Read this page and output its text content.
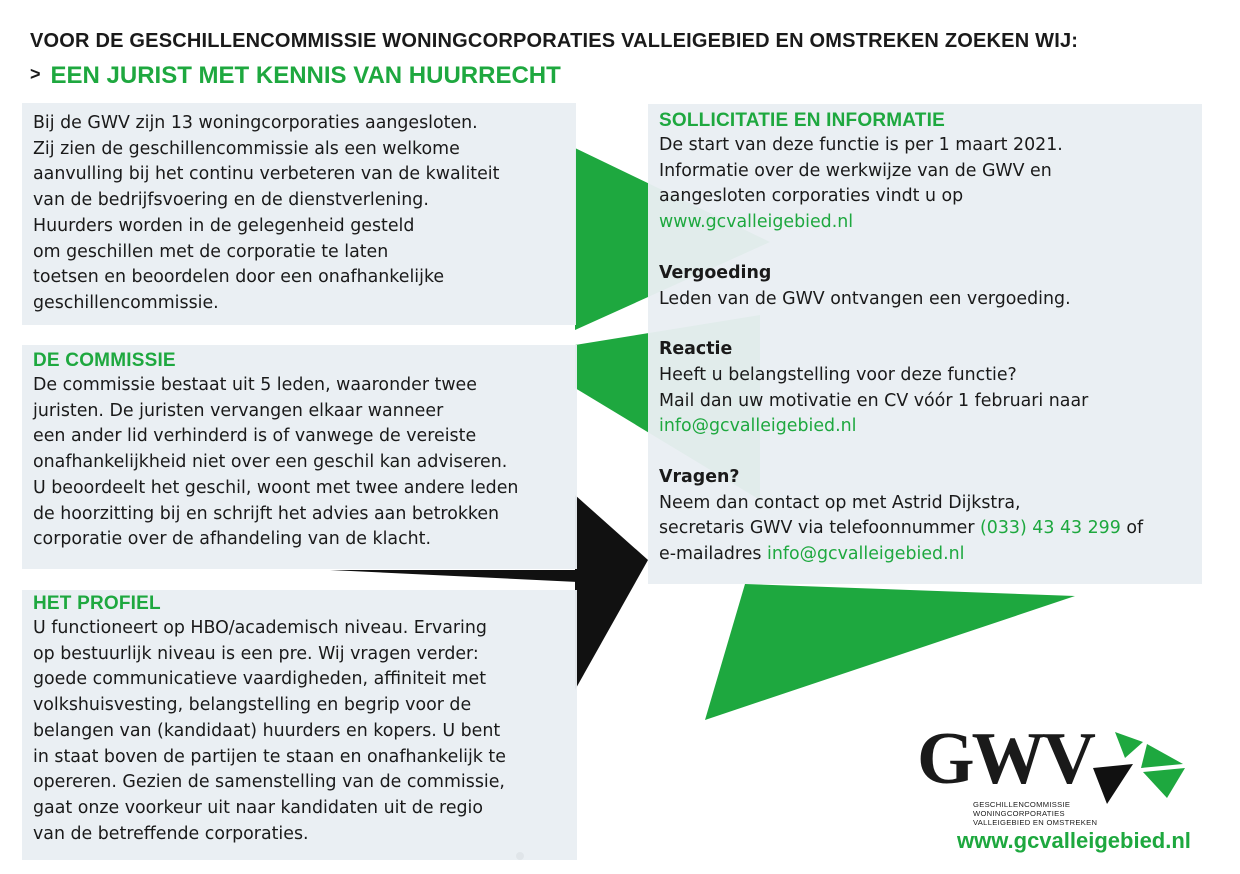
VOOR DE GESCHILLENCOMMISSIE WONINGCORPORATIES VALLEIGEBIED EN OMSTREKEN ZOEKEN WIJ:
> EEN JURIST MET KENNIS VAN HUURRECHT

Bij de GWV zijn 13 woningcorporaties aangesloten.
Zij zien de geschillencommissie als een welkome
aanvulling bij het continu verbeteren van de kwaliteit
van de bedrijfsvoering en de dienstverlening.
Huurders worden in de gelegenheid gesteld
om geschillen met de corporatie te laten
toetsen en beoordelen door een onafhankelijke
geschillencommissie.

DE COMMISSIE

De commissie bestaat uit 5 leden, waaronder twee
juristen. De juristen vervangen elkaar wanneer
een ander lid verhinderd is of vanwege de vereiste
onafhankelijkheid niet over een geschil kan adviseren.
U beoordeelt het geschil, woont met twee andere leden
de hoorzitting bij en schrijft het advies aan betrokken
corporatie over de afhandeling van de klacht.

HET PROFIEL

U functioneert op HBO/academisch niveau. Ervaring
op bestuurlijk niveau is een pre. Wij vragen verder:
goede communicatieve vaardigheden, affiniteit met
volkshuisvesting, belangstelling en begrip voor de
belangen van (kandidaat) huurders en kopers. U bent
in staat boven de partijen te staan en onafhankelijk te
opereren. Gezien de samenstelling van de commissie,
gaat onze voorkeur uit naar kandidaten uit de regio
van de betreffende corporaties.

SOLLICITATIE EN INFORMATIE

De start van deze functie is per 1 maart 2021.
Informatie over de werkwijze van de GWV en
aangesloten corporaties vindt u op
www.gcvalleigebied.nl

Vergoeding

Leden van de GWV ontvangen een vergoeding.

Reactie

Heeft u belangstelling voor deze functie?
Mail dan uw motivatie en CV vóór 1 februari naar
info@gcvalleigebied.nl

Vragen?

Neem dan contact op met Astrid Dijkstra,
secretaris GWV via telefoonnummer (033) 43 43 299 of
e-mailadres info@gcvalleigebied.nl

GWV
GESCHILLENCOMMISSIE
WONINGCORPORATIES
VALLEIGEBIED EN OMSTREKEN
www.gcvalleigebied.nl
